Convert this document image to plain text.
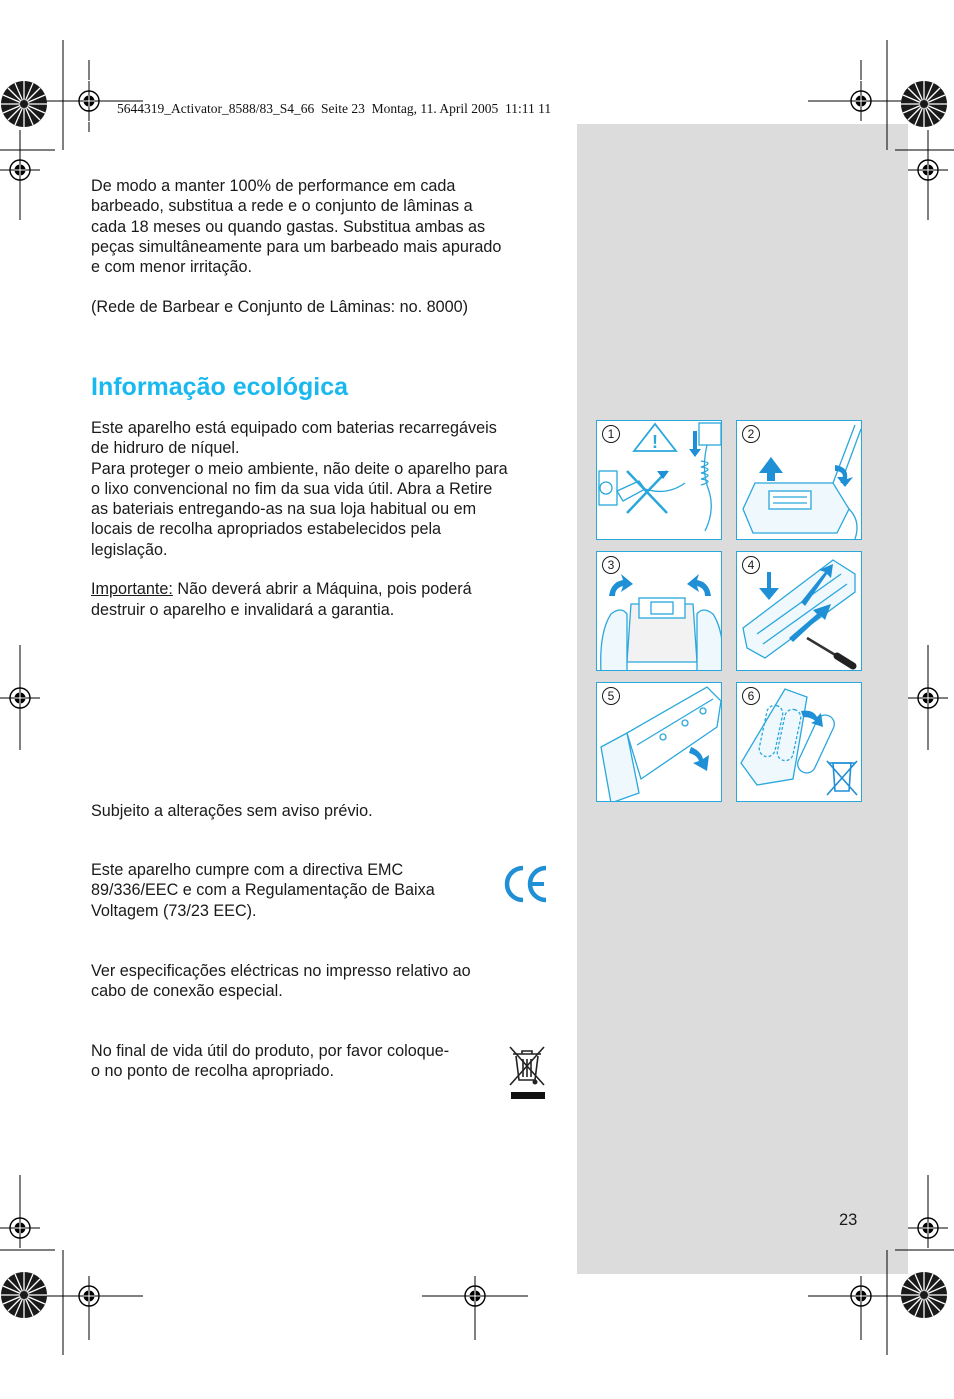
5644319_Activator_8588/83_S4_66  Seite 23  Montag, 11. April 2005  11:11 11

De modo a manter 100% de performance em cada
barbeado, substitua a rede e o conjunto de lâminas a
cada 18 meses ou quando gastas. Substitua ambas as
peças simultâneamente para um barbeado mais apurado
e com menor irritação.

(Rede de Barbear e Conjunto de Lâminas: no. 8000)

Informação ecológica

Este aparelho está equipado com baterias recarregáveis
de hidruro de níquel.
Para proteger o meio ambiente, não deite o aparelho para
o lixo convencional no fim da sua vida útil. Abra a Retire
as bateriais entregando-as na sua loja habitual ou em
locais de recolha apropriados estabelecidos pela
legislação.

Importante: Não deverá abrir a Máquina, pois poderá

destruir o aparelho e invalidará a garantia.

Subjeito a alterações sem aviso prévio.

Este aparelho cumpre com a directiva EMC
89/336/EEC e com a Regulamentação de Baixa
Voltagem (73/23 EEC).

Ver especificações eléctricas no impresso relativo ao
cabo de conexão especial.

No final de vida útil do produto, por favor coloque-
o no ponto de recolha apropriado.

!
1	2
3	4
5	6
23
